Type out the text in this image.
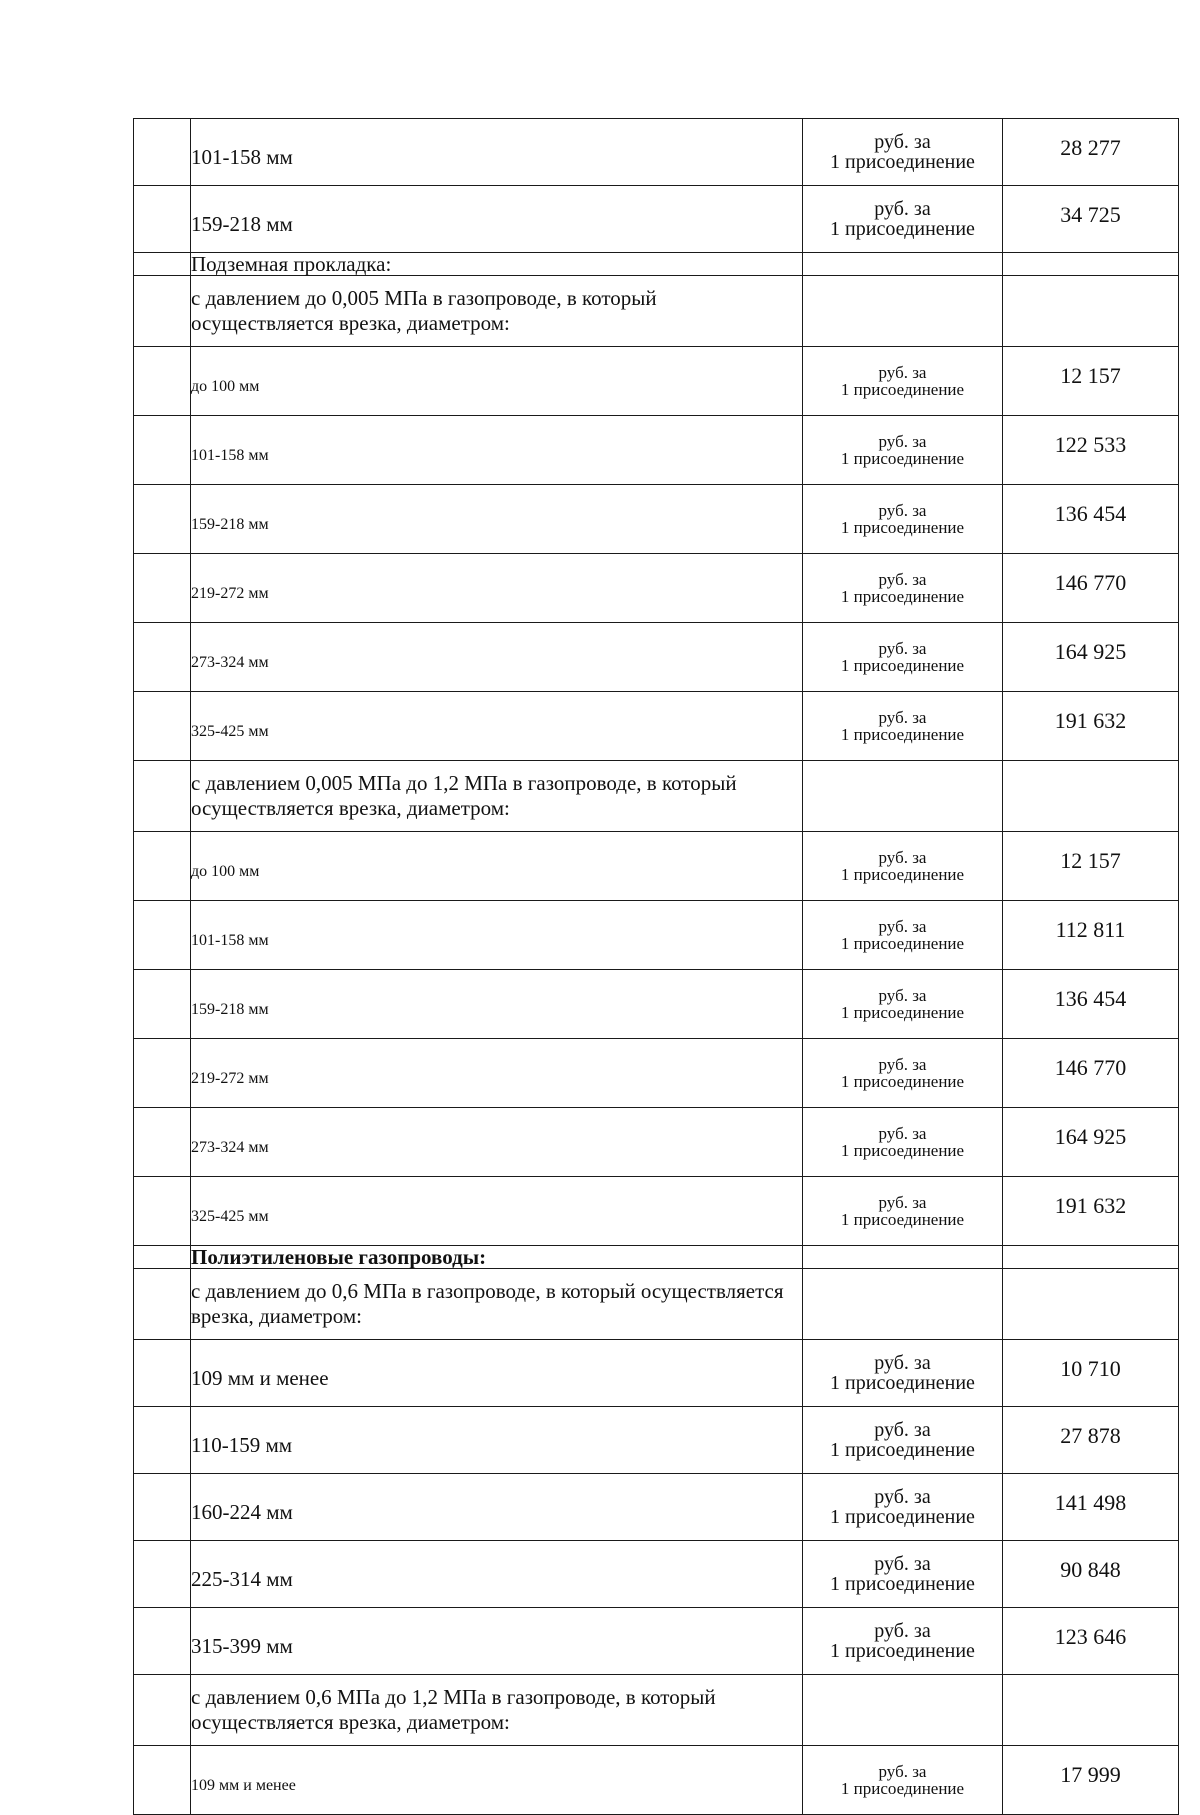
	101-158 мм	руб. за
1 присоединение	28 277
	159-218 мм	руб. за
1 присоединение	34 725
	Подземная прокладка:		
	с давлением до 0,005 МПа в газопроводе, в который осуществляется врезка, диаметром:		
	до 100 мм	руб. за
1 присоединение	12 157
	101-158 мм	руб. за
1 присоединение	122 533
	159-218 мм	руб. за
1 присоединение	136 454
	219-272 мм	руб. за
1 присоединение	146 770
	273-324 мм	руб. за
1 присоединение	164 925
	325-425 мм	руб. за
1 присоединение	191 632
	с давлением 0,005 МПа до 1,2 МПа в газопроводе, в который осуществляется врезка, диаметром:		
	до 100 мм	руб. за
1 присоединение	12 157
	101-158 мм	руб. за
1 присоединение	112 811
	159-218 мм	руб. за
1 присоединение	136 454
	219-272 мм	руб. за
1 присоединение	146 770
	273-324 мм	руб. за
1 присоединение	164 925
	325-425 мм	руб. за
1 присоединение	191 632
	Полиэтиленовые газопроводы:		
	с давлением до 0,6 МПа в газопроводе, в который осуществляется врезка, диаметром:		
	109 мм и менее	руб. за
1 присоединение	10 710
	110-159 мм	руб. за
1 присоединение	27 878
	160-224 мм	руб. за
1 присоединение	141 498
	225-314 мм	руб. за
1 присоединение	90 848
	315-399 мм	руб. за
1 присоединение	123 646
	с давлением 0,6 МПа до 1,2 МПа в газопроводе, в который осуществляется врезка, диаметром:		
	109 мм и менее	руб. за
1 присоединение	17 999
